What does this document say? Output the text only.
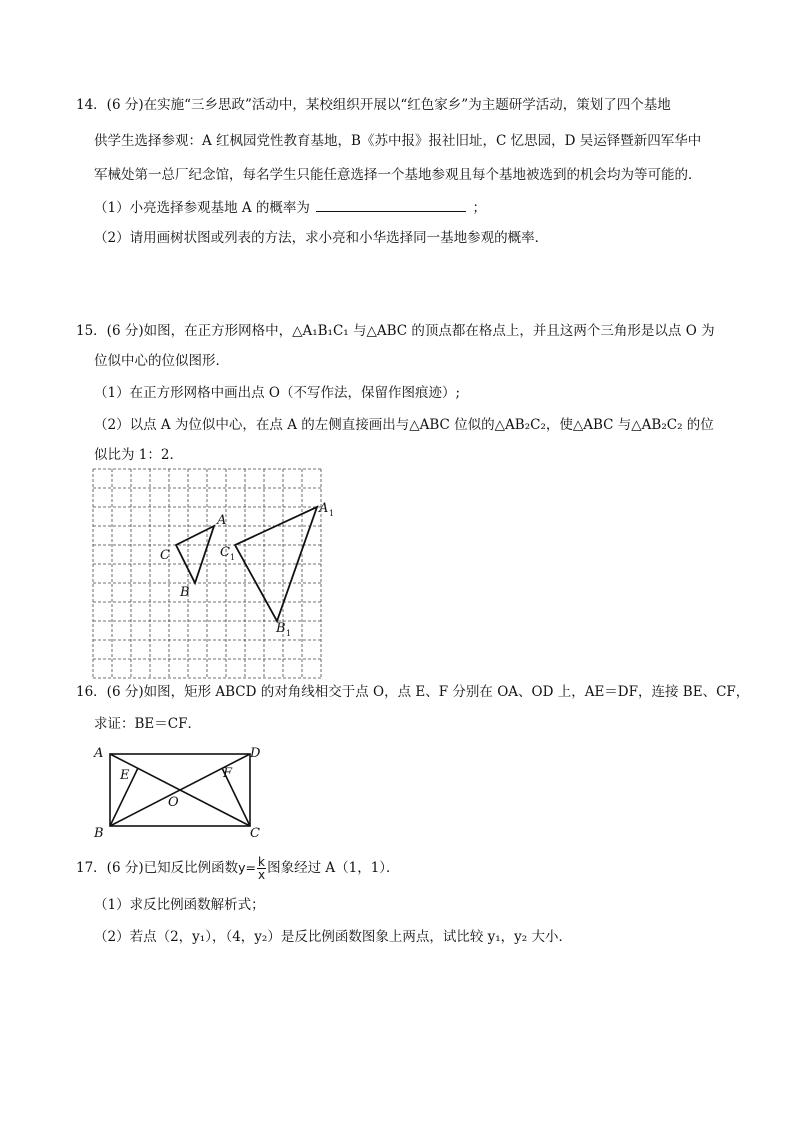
14．(6 分)在实施“三乡思政”活动中，某校组织开展以“红色家乡”为主题研学活动，策划了四个基地
供学生选择参观：A 红枫园党性教育基地，B《苏中报》报社旧址，C 忆思园，D 吴运铎暨新四军华中
军械处第一总厂纪念馆，每名学生只能任意选择一个基地参观且每个基地被选到的机会均为等可能的．
（1）小亮选择参观基地 A 的概率为	；
（2）请用画树状图或列表的方法，求小亮和小华选择同一基地参观的概率．
15．(6 分)如图，在正方形网格中，△A₁B₁C₁ 与△ABC 的顶点都在格点上，并且这两个三角形是以点 O 为
位似中心的位似图形．
（1）在正方形网格中画出点 O（不写作法，保留作图痕迹）;
（2）以点 A 为位似中心，在点 A 的左侧直接画出与△ABC 位似的△AB₂C₂，使△ABC 与△AB₂C₂ 的位
似比为 1：2．
A
C
B
A 1
C 1
B 1
16．(6 分)如图，矩形 ABCD 的对角线相交于点 O，点 E、F 分别在 OA、OD 上，AE＝DF，连接 BE、CF，
求证：BE＝CF．
A	D
B	C
E	F
O
17．(6 分)已知反比例函数$y= \frac{k}{x}$ 图象经过 A（1，1）．
（1）求反比例函数解析式；
（2）若点（2，y₁），（4，y₂）是反比例函数图象上两点，试比较 y₁，y₂ 大小．
